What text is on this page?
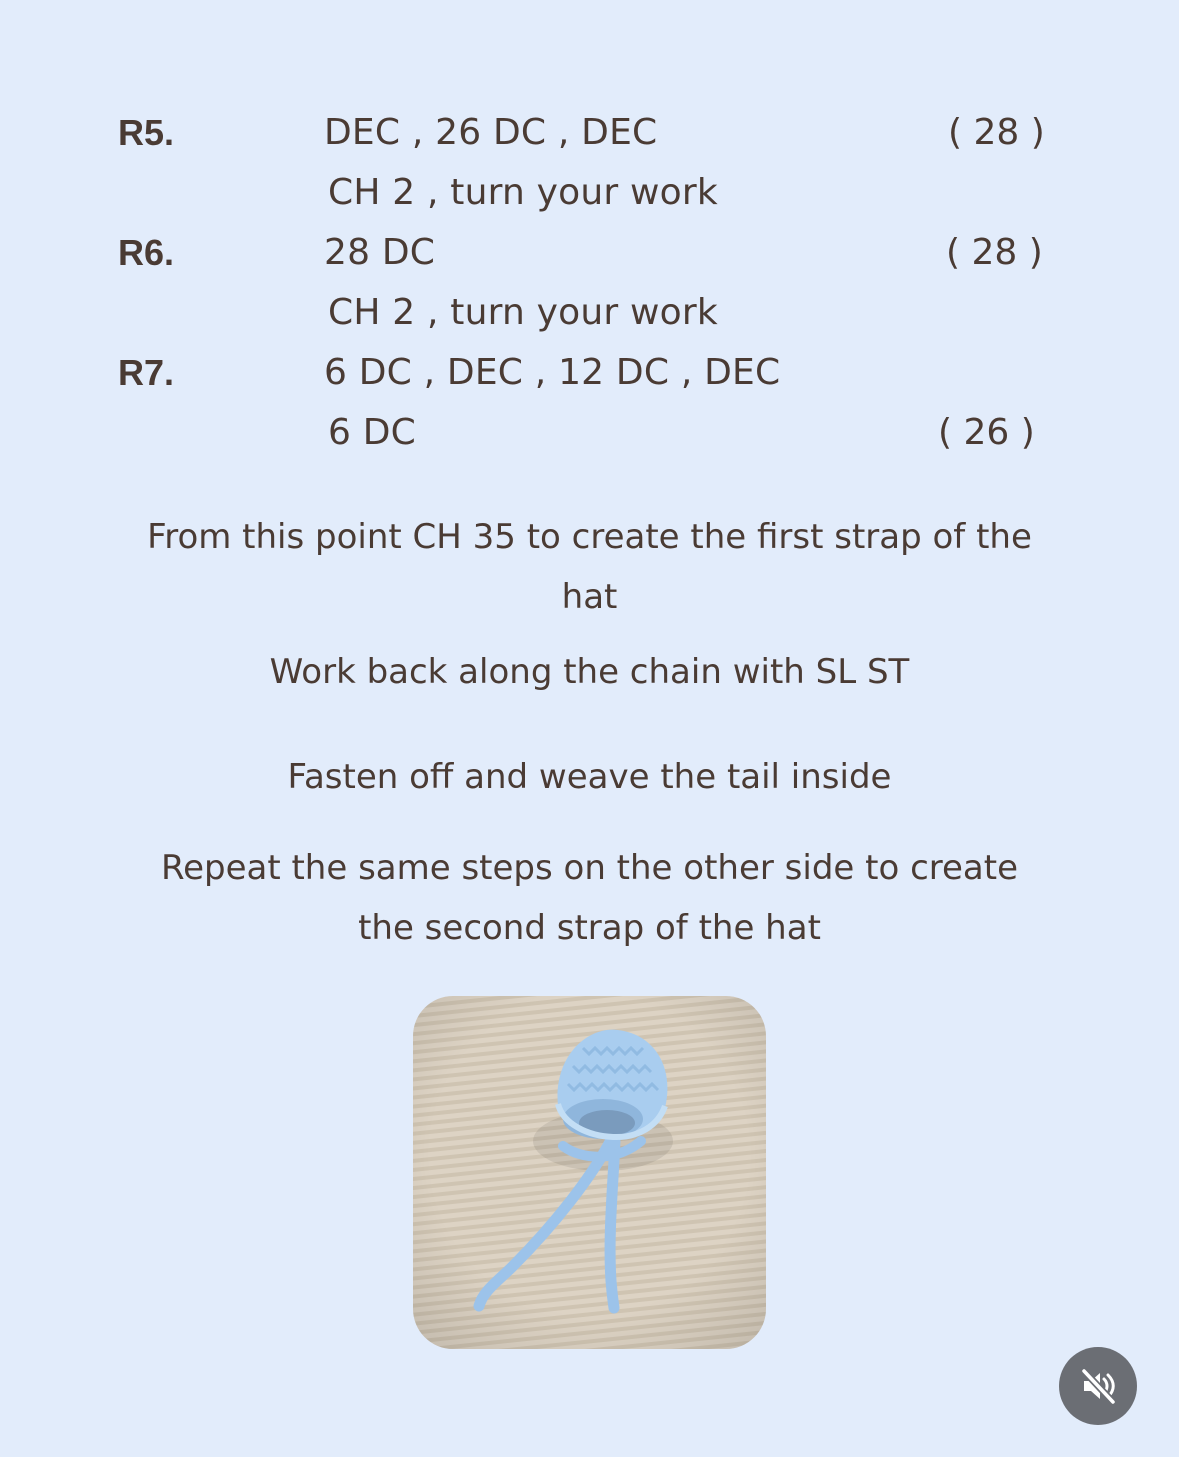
R5.	DEC , 26 DC , DEC	( 28 )
CH 2 , turn your work
R6.	28 DC	( 28 )
CH 2 , turn your work
R7.	6 DC , DEC , 12 DC , DEC
6 DC	( 26 )
From this point CH 35 to create the first strap of the
hat
Work back along the chain with SL ST
Fasten off and weave the tail inside
Repeat the same steps on the other side to create
the second strap of the hat
